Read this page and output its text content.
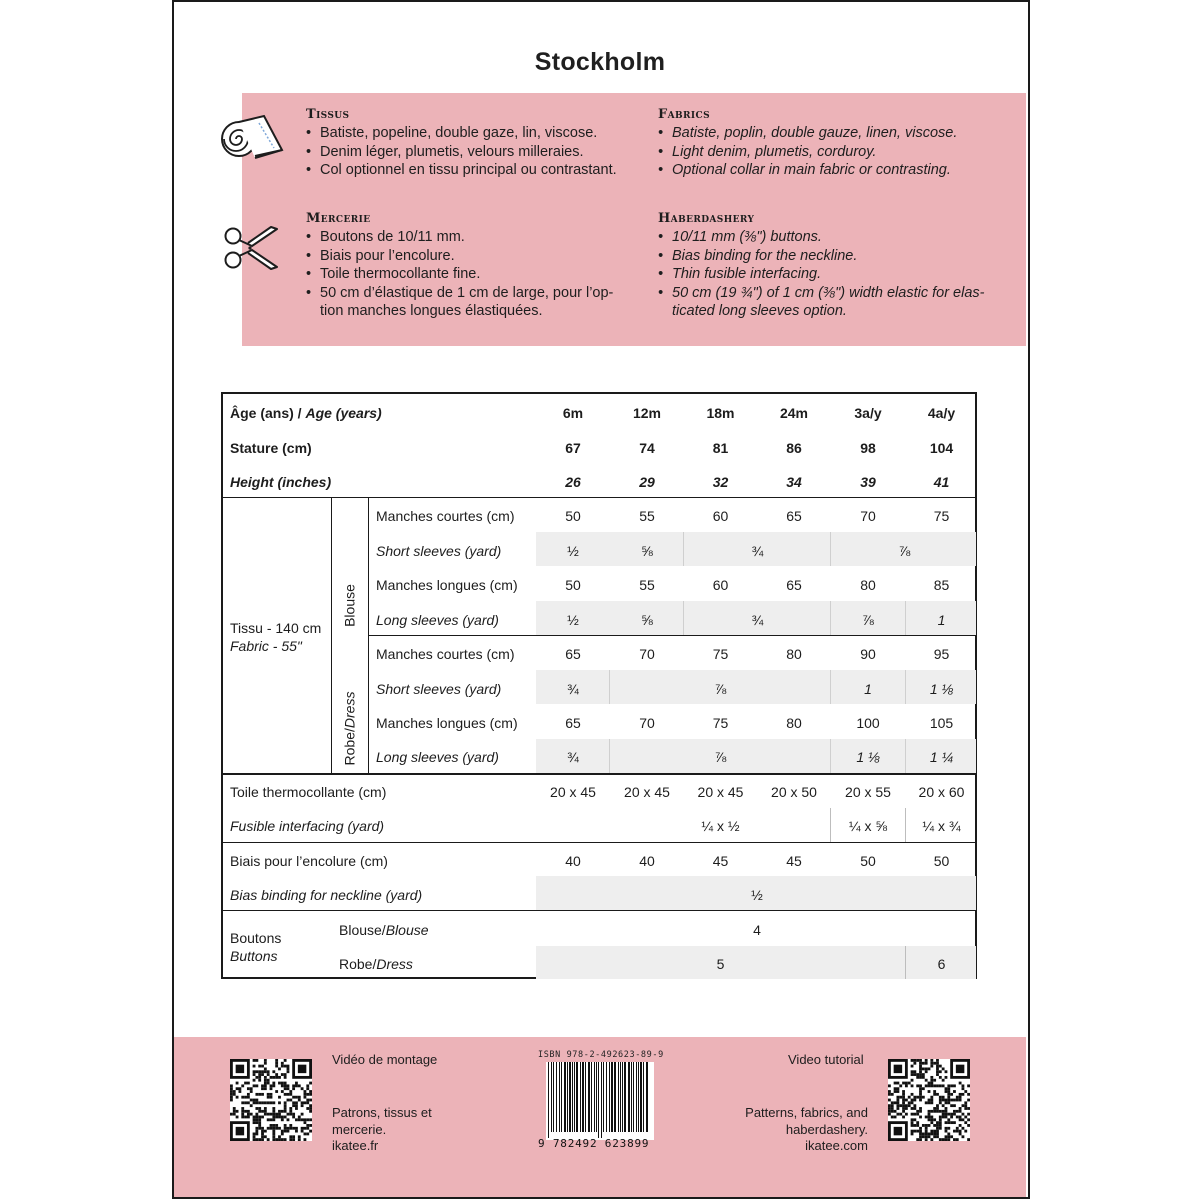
Stockholm
Tissus
• Batiste, popeline, double gaze, lin, viscose.
• Denim léger, plumetis, velours milleraies.
• Col optionnel en tissu principal ou contrastant.
Fabrics
• Batiste, poplin, double gauze, linen, viscose.
• Light denim, plumetis, corduroy.
• Optional collar in main fabric or contrasting.
Mercerie
• Boutons de 10/11 mm.
• Biais pour l’encolure.
• Toile thermocollante fine.
• 50 cm d’élastique de 1 cm de large, pour l’op-
tion manches longues élastiquées.
Haberdashery
• 10/11 mm (⅜") buttons.
• Bias binding for the neckline.
• Thin fusible interfacing.
• 50 cm (19 ¾") of 1 cm (⅜") width elastic for elas-
ticated long sleeves option.
Âge (ans) / Age (years)	6m	12m	18m	24m	3a/y	4a/y
Stature (cm)	67	74	81	86	98	104
Height (inches)	26	29	32	34	39	41
Tissu - 140 cm
Fabric - 55"
Blouse
Robe/Dress
Manches courtes (cm)	50	55	60	65	70	75
Short sleeves (yard)	½	⅝	¾	⅞
Manches longues (cm)	50	55	60	65	80	85
Long sleeves (yard)	½	⅝	¾	⅞	1
Manches courtes (cm)	65	70	75	80	90	95
Short sleeves (yard)	¾	⅞	1	1 ⅛
Manches longues (cm)	65	70	75	80	100	105
Long sleeves (yard)	¾	⅞	1 ⅛	1 ¼
Toile thermocollante (cm)	20 x 45	20 x 45	20 x 45	20 x 50	20 x 55	20 x 60
Fusible interfacing (yard)	¼ x ½	¼ x ⅝	¼ x ¾
Biais pour l’encolure (cm)	40	40	45	45	50	50
Bias binding for neckline (yard)	½
Boutons
Buttons
Blouse/Blouse	4
Robe/Dress	5	6
Vidéo de montage
Patrons, tissus et
mercerie.
ikatee.fr
ISBN 978-2-492623-89-9
9 782492 623899
Video tutorial
Patterns, fabrics, and
haberdashery.
ikatee.com
